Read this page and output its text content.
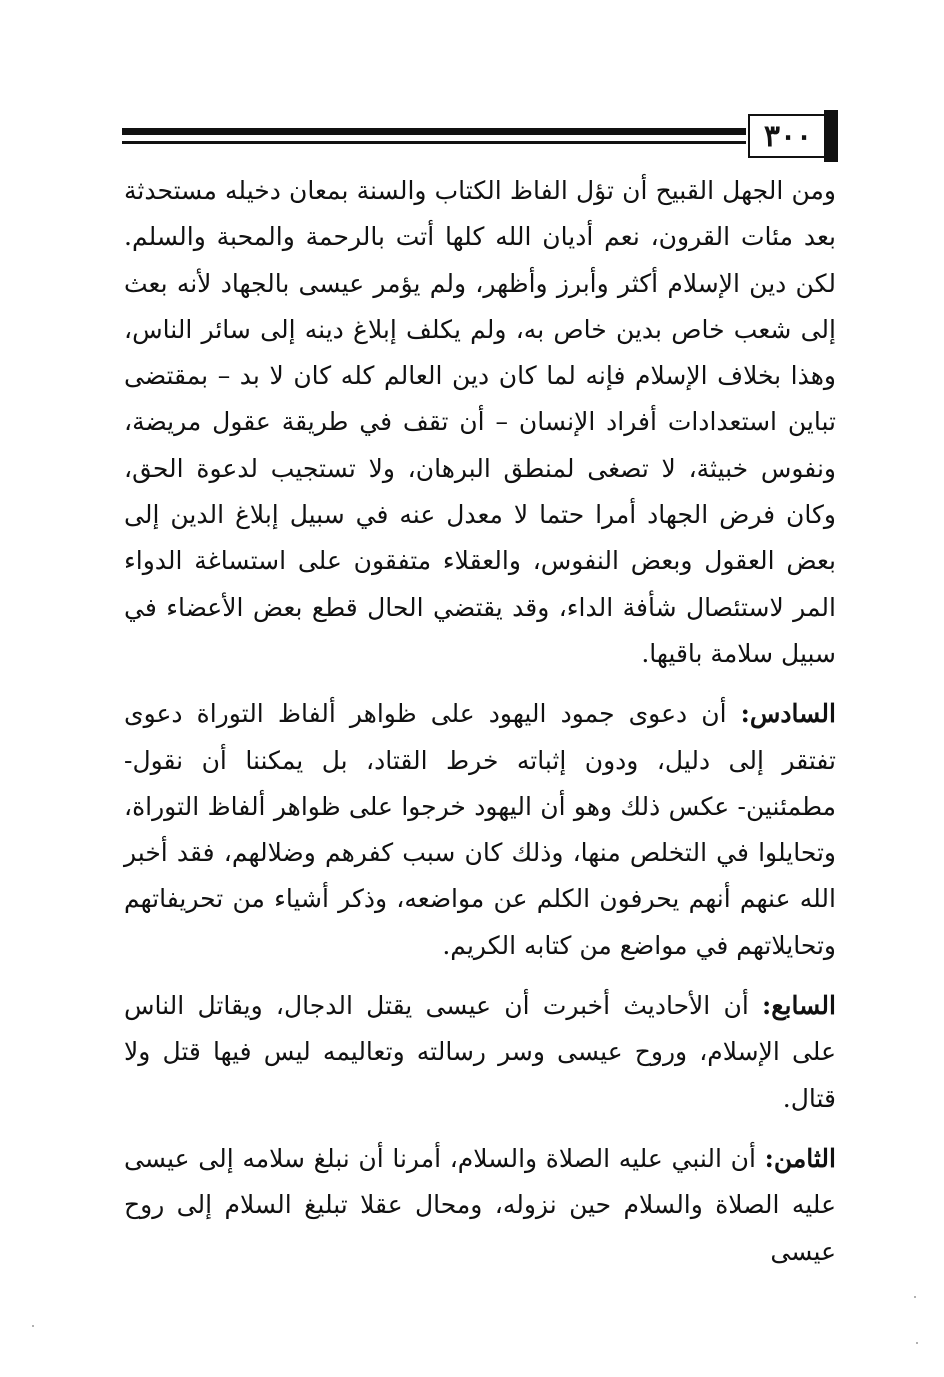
٣٠٠

ومن الجهل القبيح أن تؤل الفاظ الكتاب والسنة بمعان دخيله مستحدثة بعد مئات القرون، نعم أديان الله كلها أتت بالرحمة والمحبة والسلم. لكن دين الإسلام أكثر وأبرز وأظهر، ولم يؤمر عيسى بالجهاد لأنه بعث إلى شعب خاص بدين خاص به، ولم يكلف إبلاغ دينه إلى سائر الناس، وهذا بخلاف الإسلام فإنه لما كان دين العالم كله كان لا بد – بمقتضى تباين استعدادات أفراد الإنسان – أن تقف في طريقة عقول مريضة، ونفوس خبيثة، لا تصغى لمنطق البرهان، ولا تستجيب لدعوة الحق، وكان فرض الجهاد أمرا حتما لا معدل عنه في سبيل إبلاغ الدين إلى بعض العقول وبعض النفوس، والعقلاء متفقون على استساغة الدواء المر لاستئصال شأفة الداء، وقد يقتضي الحال قطع بعض الأعضاء في سبيل سلامة باقيها.

السادس: أن دعوى جمود اليهود على ظواهر ألفاظ التوراة دعوى تفتقر إلى دليل، ودون إثباته خرط القتاد، بل يمكننا أن نقول- مطمئنين- عكس ذلك وهو أن اليهود خرجوا على ظواهر ألفاظ التوراة، وتحايلوا في التخلص منها، وذلك كان سبب كفرهم وضلالهم، فقد أخبر الله عنهم أنهم يحرفون الكلم عن مواضعه، وذكر أشياء من تحريفاتهم وتحايلاتهم في مواضع من كتابه الكريم.

السابع: أن الأحاديث أخبرت أن عيسى يقتل الدجال، ويقاتل الناس على الإسلام، وروح عيسى وسر رسالته وتعاليمه ليس فيها قتل ولا قتال.

الثامن: أن النبي عليه الصلاة والسلام، أمرنا أن نبلغ سلامه إلى عيسى عليه الصلاة والسلام حين نزوله، ومحال عقلا تبليغ السلام إلى روح عيسى
